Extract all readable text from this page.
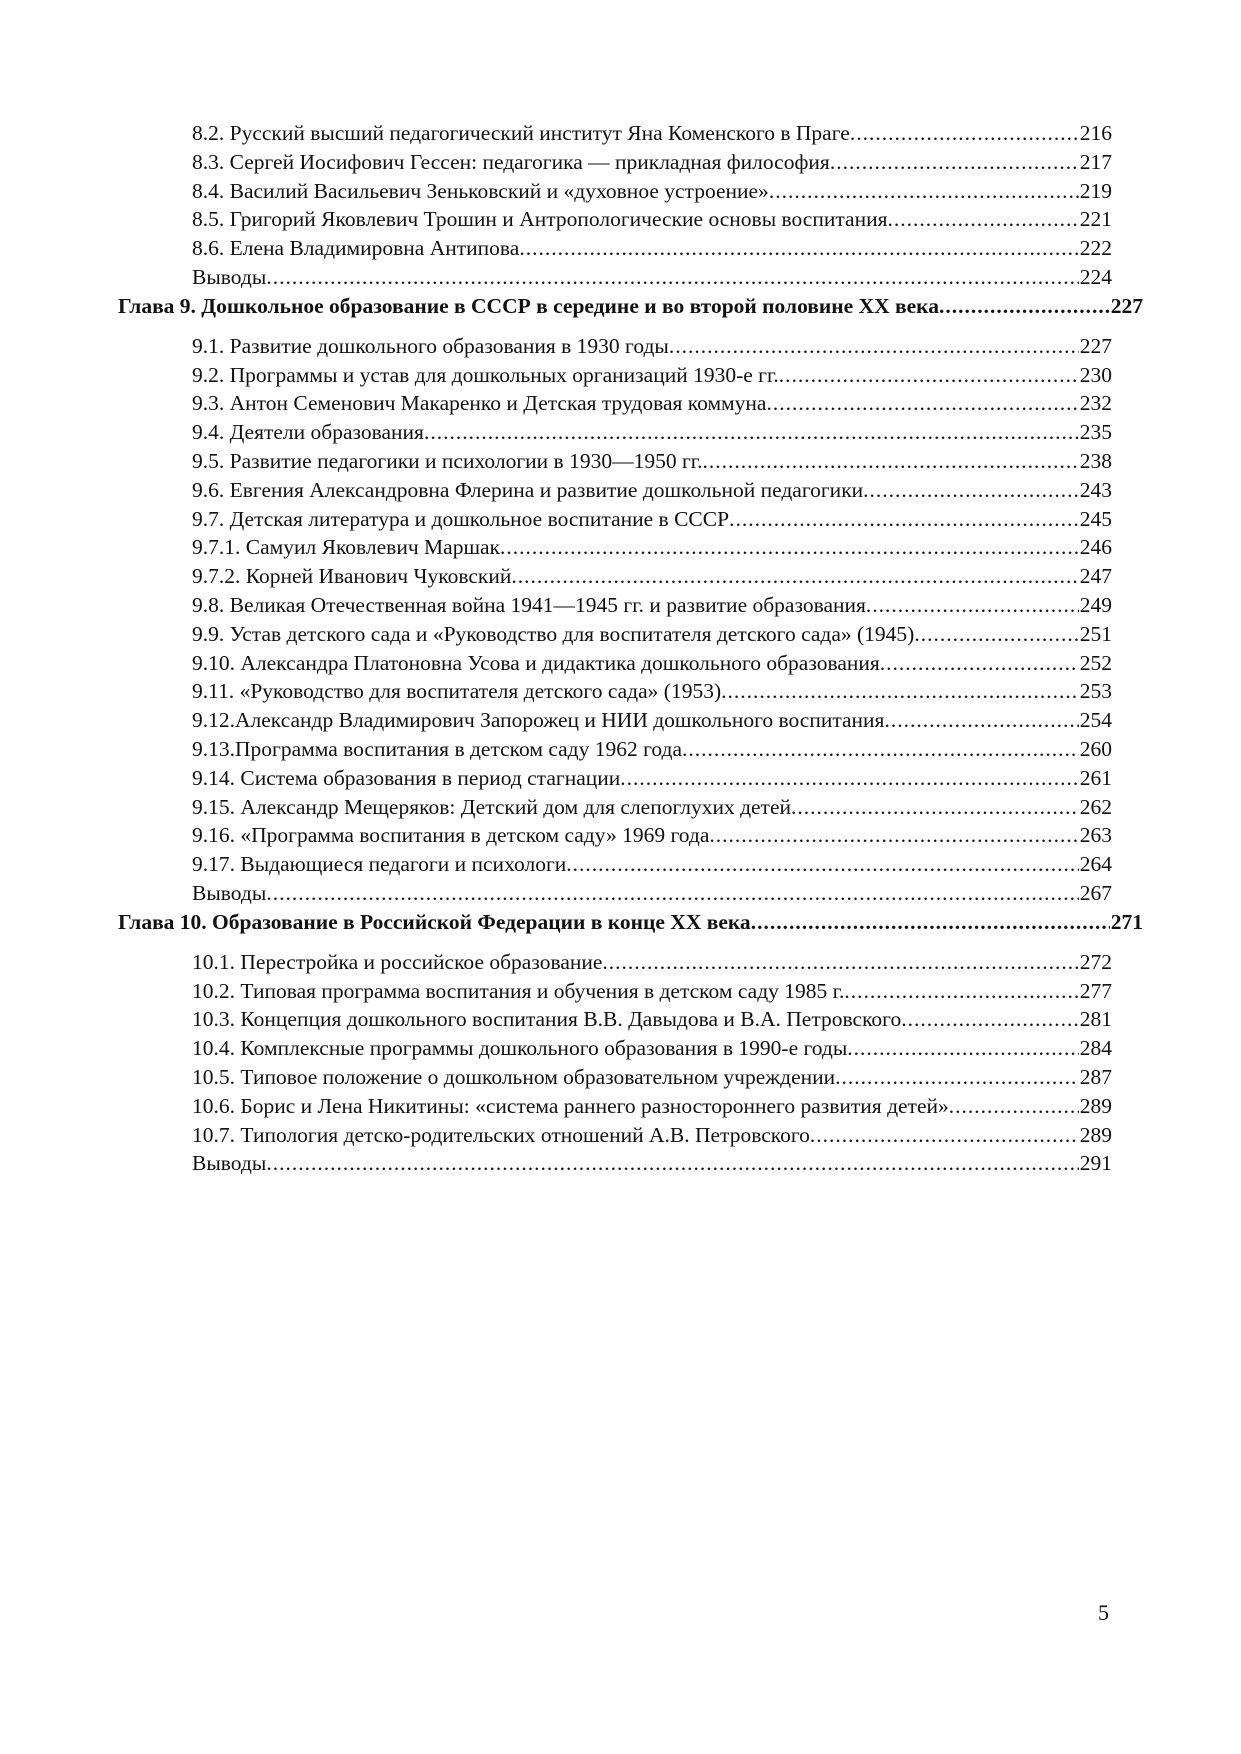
8.2. Русский высший педагогический институт Яна Коменского в Праге .....	216
8.3. Сергей Иосифович Гессен: педагогика — прикладная философия .....	217
8.4. Василий Васильевич Зеньковский и «духовное устроение» .....	219
8.5. Григорий Яковлевич Трошин и Антропологические основы воспитания .....	221
8.6. Елена Владимировна Антипова .....	222
Выводы .....	224
Глава 9. Дошкольное образование в СССР в середине и во второй половине XX века .....	227
9.1. Развитие дошкольного образования в 1930 годы .....	227
9.2. Программы и устав для дошкольных организаций 1930-е гг. .....	230
9.3. Антон Семенович Макаренко и Детская трудовая коммуна .....	232
9.4. Деятели образования .....	235
9.5. Развитие педагогики и психологии в 1930—1950 гг. .....	238
9.6. Евгения Александровна Флерина и развитие дошкольной педагогики .....	243
9.7. Детская литература и дошкольное воспитание в СССР .....	245
9.7.1. Самуил Яковлевич Маршак .....	246
9.7.2. Корней Иванович Чуковский .....	247
9.8. Великая Отечественная война 1941—1945 гг. и развитие образования .....	249
9.9. Устав детского сада и «Руководство для воспитателя детского сада» (1945) .....	251
9.10. Александра Платоновна Усова и дидактика дошкольного образования .....	252
9.11. «Руководство для воспитателя детского сада» (1953) .....	253
9.12.Александр Владимирович Запорожец и НИИ дошкольного воспитания .....	254
9.13.Программа воспитания в детском саду 1962 года .....	260
9.14. Система образования в период стагнации .....	261
9.15. Александр Мещеряков: Детский дом для слепоглухих детей .....	262
9.16. «Программа воспитания в детском саду» 1969 года .....	263
9.17. Выдающиеся педагоги и психологи .....	264
Выводы .....	267
Глава 10. Образование в Российской Федерации в конце XX века .....	271
10.1. Перестройка и российское образование .....	272
10.2. Типовая программа воспитания и обучения в детском саду 1985 г. .....	277
10.3. Концепция дошкольного воспитания В.В. Давыдова и В.А. Петровского .....	281
10.4. Комплексные программы дошкольного образования в 1990-е годы .....	284
10.5. Типовое положение о дошкольном образовательном учреждении .....	287
10.6. Борис и Лена Никитины: «система раннего разностороннего развития детей» .....	289
10.7. Типология детско-родительских отношений А.В. Петровского .....	289
Выводы .....	291
5
